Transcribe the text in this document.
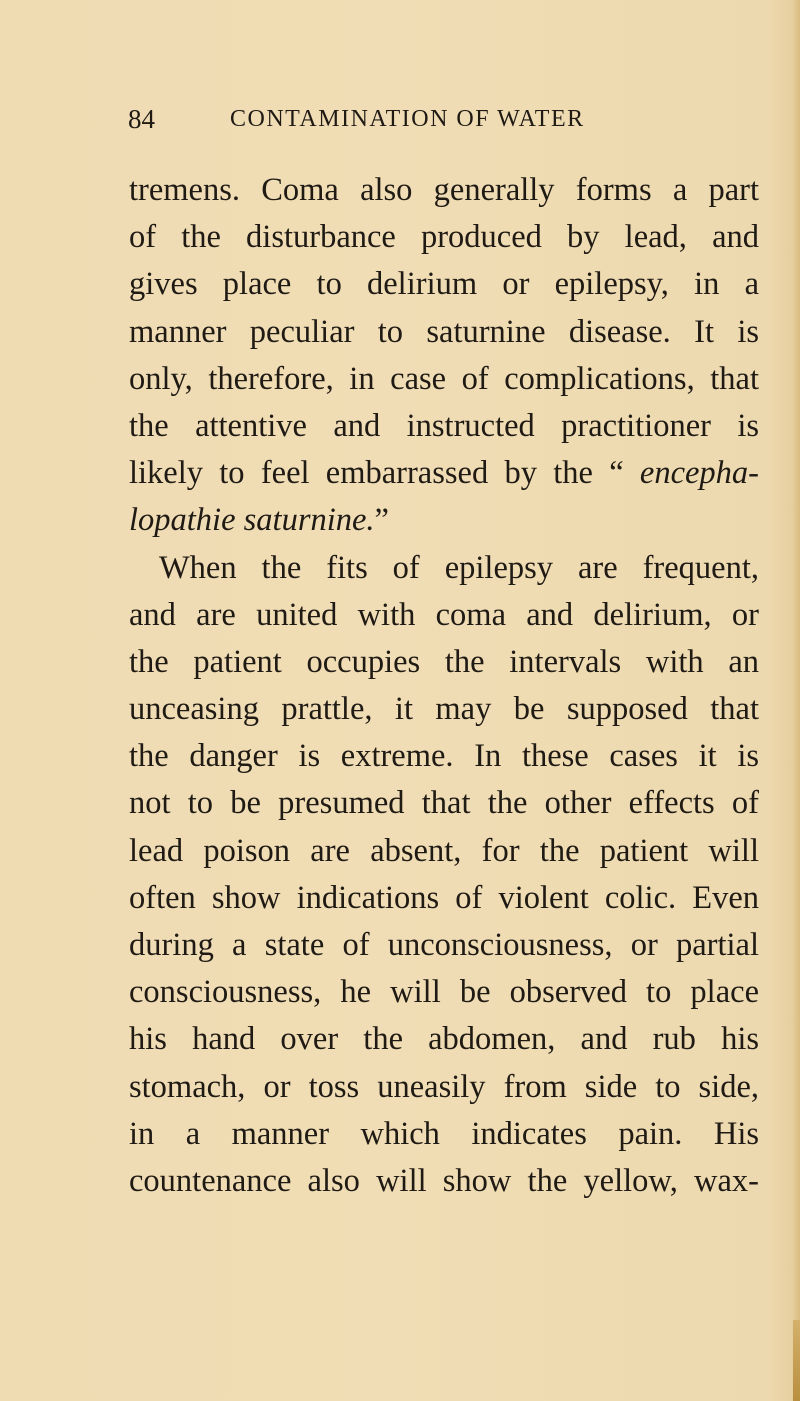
84	CONTAMINATION OF WATER
tremens. Coma also generally forms a part
of the disturbance produced by lead, and
gives place to delirium or epilepsy, in a
manner peculiar to saturnine disease. It is
only, therefore, in case of complications, that
the attentive and instructed practitioner is
likely to feel embarrassed by the “ encepha-
lopathie saturnine.”
When the fits of epilepsy are frequent,
and are united with coma and delirium, or
the patient occupies the intervals with an
unceasing prattle, it may be supposed that
the danger is extreme. In these cases it is
not to be presumed that the other effects of
lead poison are absent, for the patient will
often show indications of violent colic. Even
during a state of unconsciousness, or partial
consciousness, he will be observed to place
his hand over the abdomen, and rub his
stomach, or toss uneasily from side to side,
in a manner which indicates pain. His
countenance also will show the yellow, wax-
